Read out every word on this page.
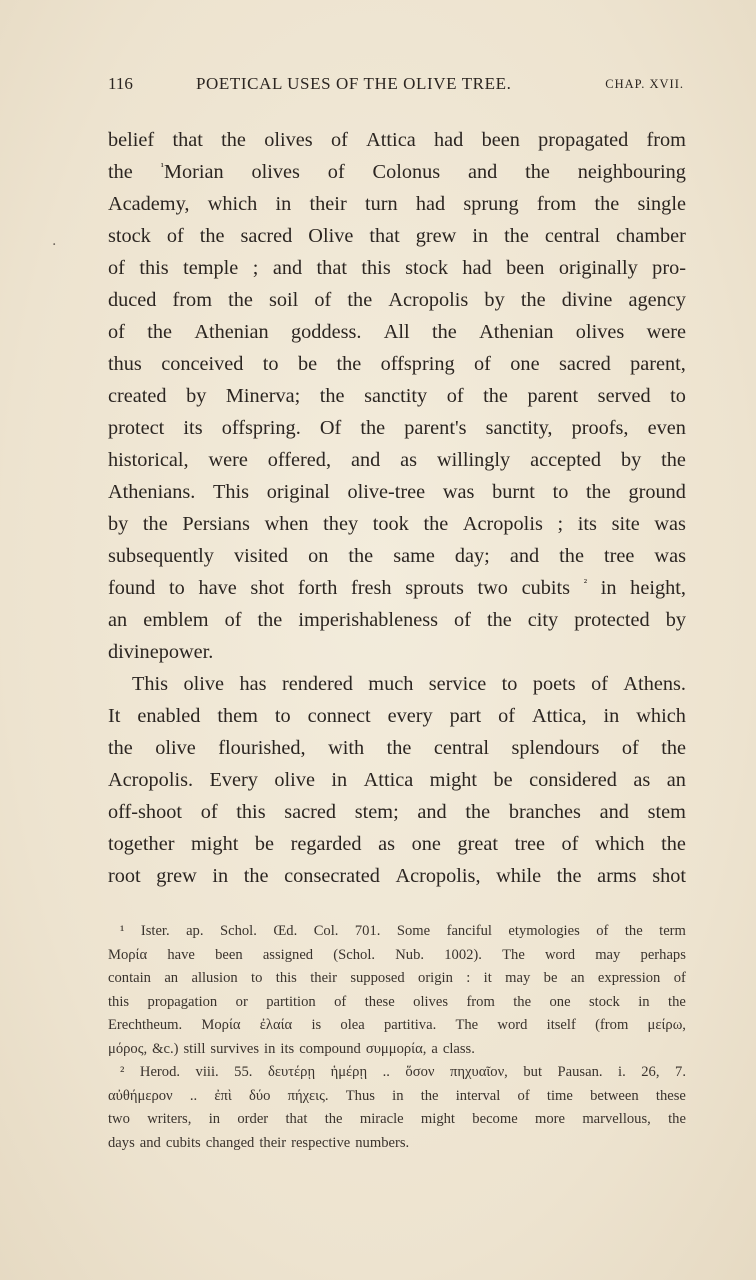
116	POETICAL USES OF THE OLIVE TREE.	CHAP. XVII.
·
belief that the olives of Attica had been propagated from
the	$^{^1}$Morian olives of Colonus and the neighbouring
Academy, which in their turn had sprung from the single
stock of the sacred Olive that grew in the central chamber
of this temple ; and that this stock had been originally pro-
duced from the soil of the Acropolis by the divine agency
of the Athenian goddess. All the Athenian olives were
thus conceived to be the offspring of one sacred parent,
created by Minerva; the sanctity of the parent served to
protect its offspring. Of the parent's sanctity, proofs, even
historical, were offered, and as willingly accepted by the
Athenians. This original olive-tree was burnt to the ground
by the Persians when they took the Acropolis ; its site was
subsequently visited on the same day; and the tree was
found to have shot forth fresh sprouts two cubits $^{^2}$ in height,
an emblem of the imperishableness of the city protected by
divine power.
This olive has rendered much service to poets of Athens.
It enabled them to connect every part of Attica, in which
the olive flourished, with the central splendours of the
Acropolis. Every olive in Attica might be considered as an
off-shoot of this sacred stem; and the branches and stem
together might be regarded as one great tree of which the
root grew in the consecrated Acropolis, while the arms shot
¹ Ister. ap. Schol. Œd. Col. 701. Some fanciful etymologies of the term
Μορία have been assigned (Schol. Nub. 1002). The word may perhaps
contain an allusion to this their supposed origin : it may be an expression of
this propagation or partition of these olives from the one stock in the
Erechtheum. Μορία ἐλαία is olea partitiva. The word itself (from μείρω,
μόρος, &c.) still survives in its compound συμμορία, a class.
² Herod. viii. 55. δευτέρῃ ἡμέρῃ .. ὅσον πηχυαῖον, but Pausan. i. 26, 7.
αὐθήμερον .. ἐπὶ δύο πήχεις. Thus in the interval of time between these
two writers, in order that the miracle might become more marvellous, the
days and cubits changed their respective numbers.
